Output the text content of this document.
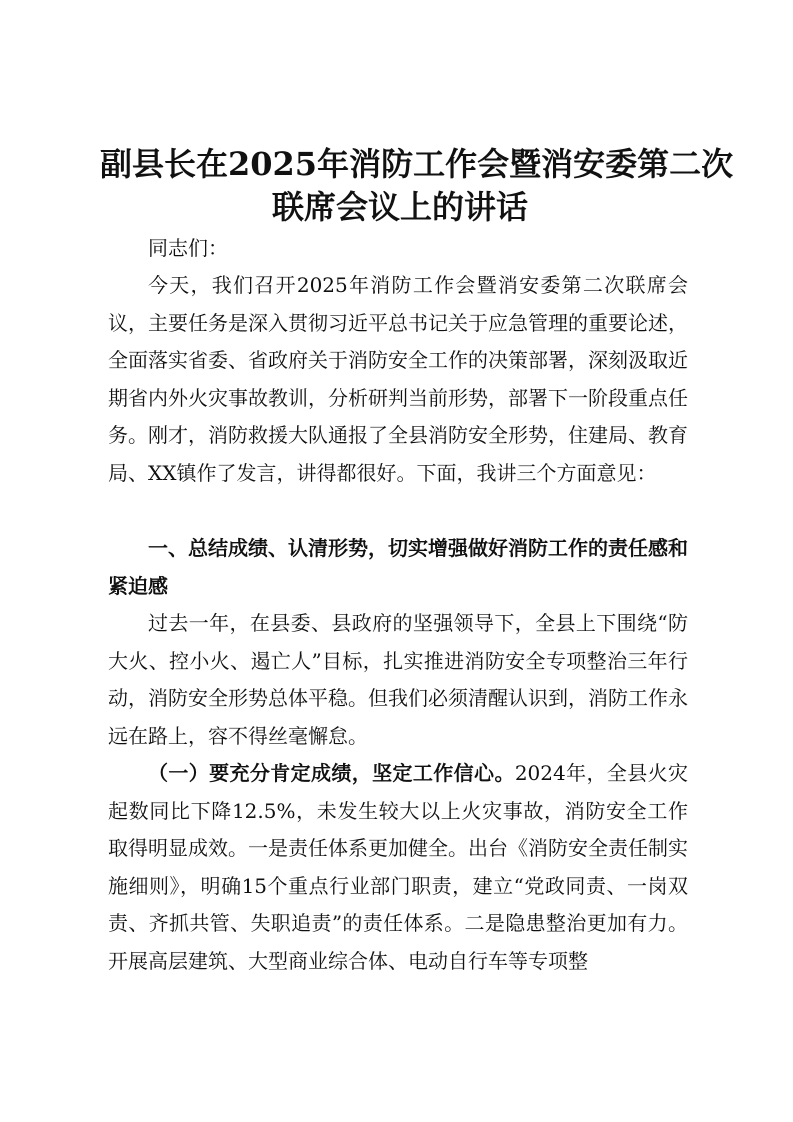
副县长在2025年消防工作会暨消安委第二次
联席会议上的讲话

同志们：

今天，我们召开2025年消防工作会暨消安委第二次联席会议，主要任务是深入贯彻习近平总书记关于应急管理的重要论述，全面落实省委、省政府关于消防安全工作的决策部署，深刻汲取近期省内外火灾事故教训，分析研判当前形势，部署下一阶段重点任务。刚才，消防救援大队通报了全县消防安全形势，住建局、教育局、XX镇作了发言，讲得都很好。下面，我讲三个方面意见：

一、总结成绩、认清形势，切实增强做好消防工作的责任感和紧迫感

过去一年，在县委、县政府的坚强领导下，全县上下围绕“防大火、控小火、遏亡人”目标，扎实推进消防安全专项整治三年行动，消防安全形势总体平稳。但我们必须清醒认识到，消防工作永远在路上，容不得丝毫懈怠。

（一）要充分肯定成绩，坚定工作信心。2024年，全县火灾起数同比下降12.5%，未发生较大以上火灾事故，消防安全工作取得明显成效。一是责任体系更加健全。出台《消防安全责任制实施细则》，明确15个重点行业部门职责，建立“党政同责、一岗双责、齐抓共管、失职追责”的责任体系。二是隐患整治更加有力。开展高层建筑、大型商业综合体、电动自行车等专项整
